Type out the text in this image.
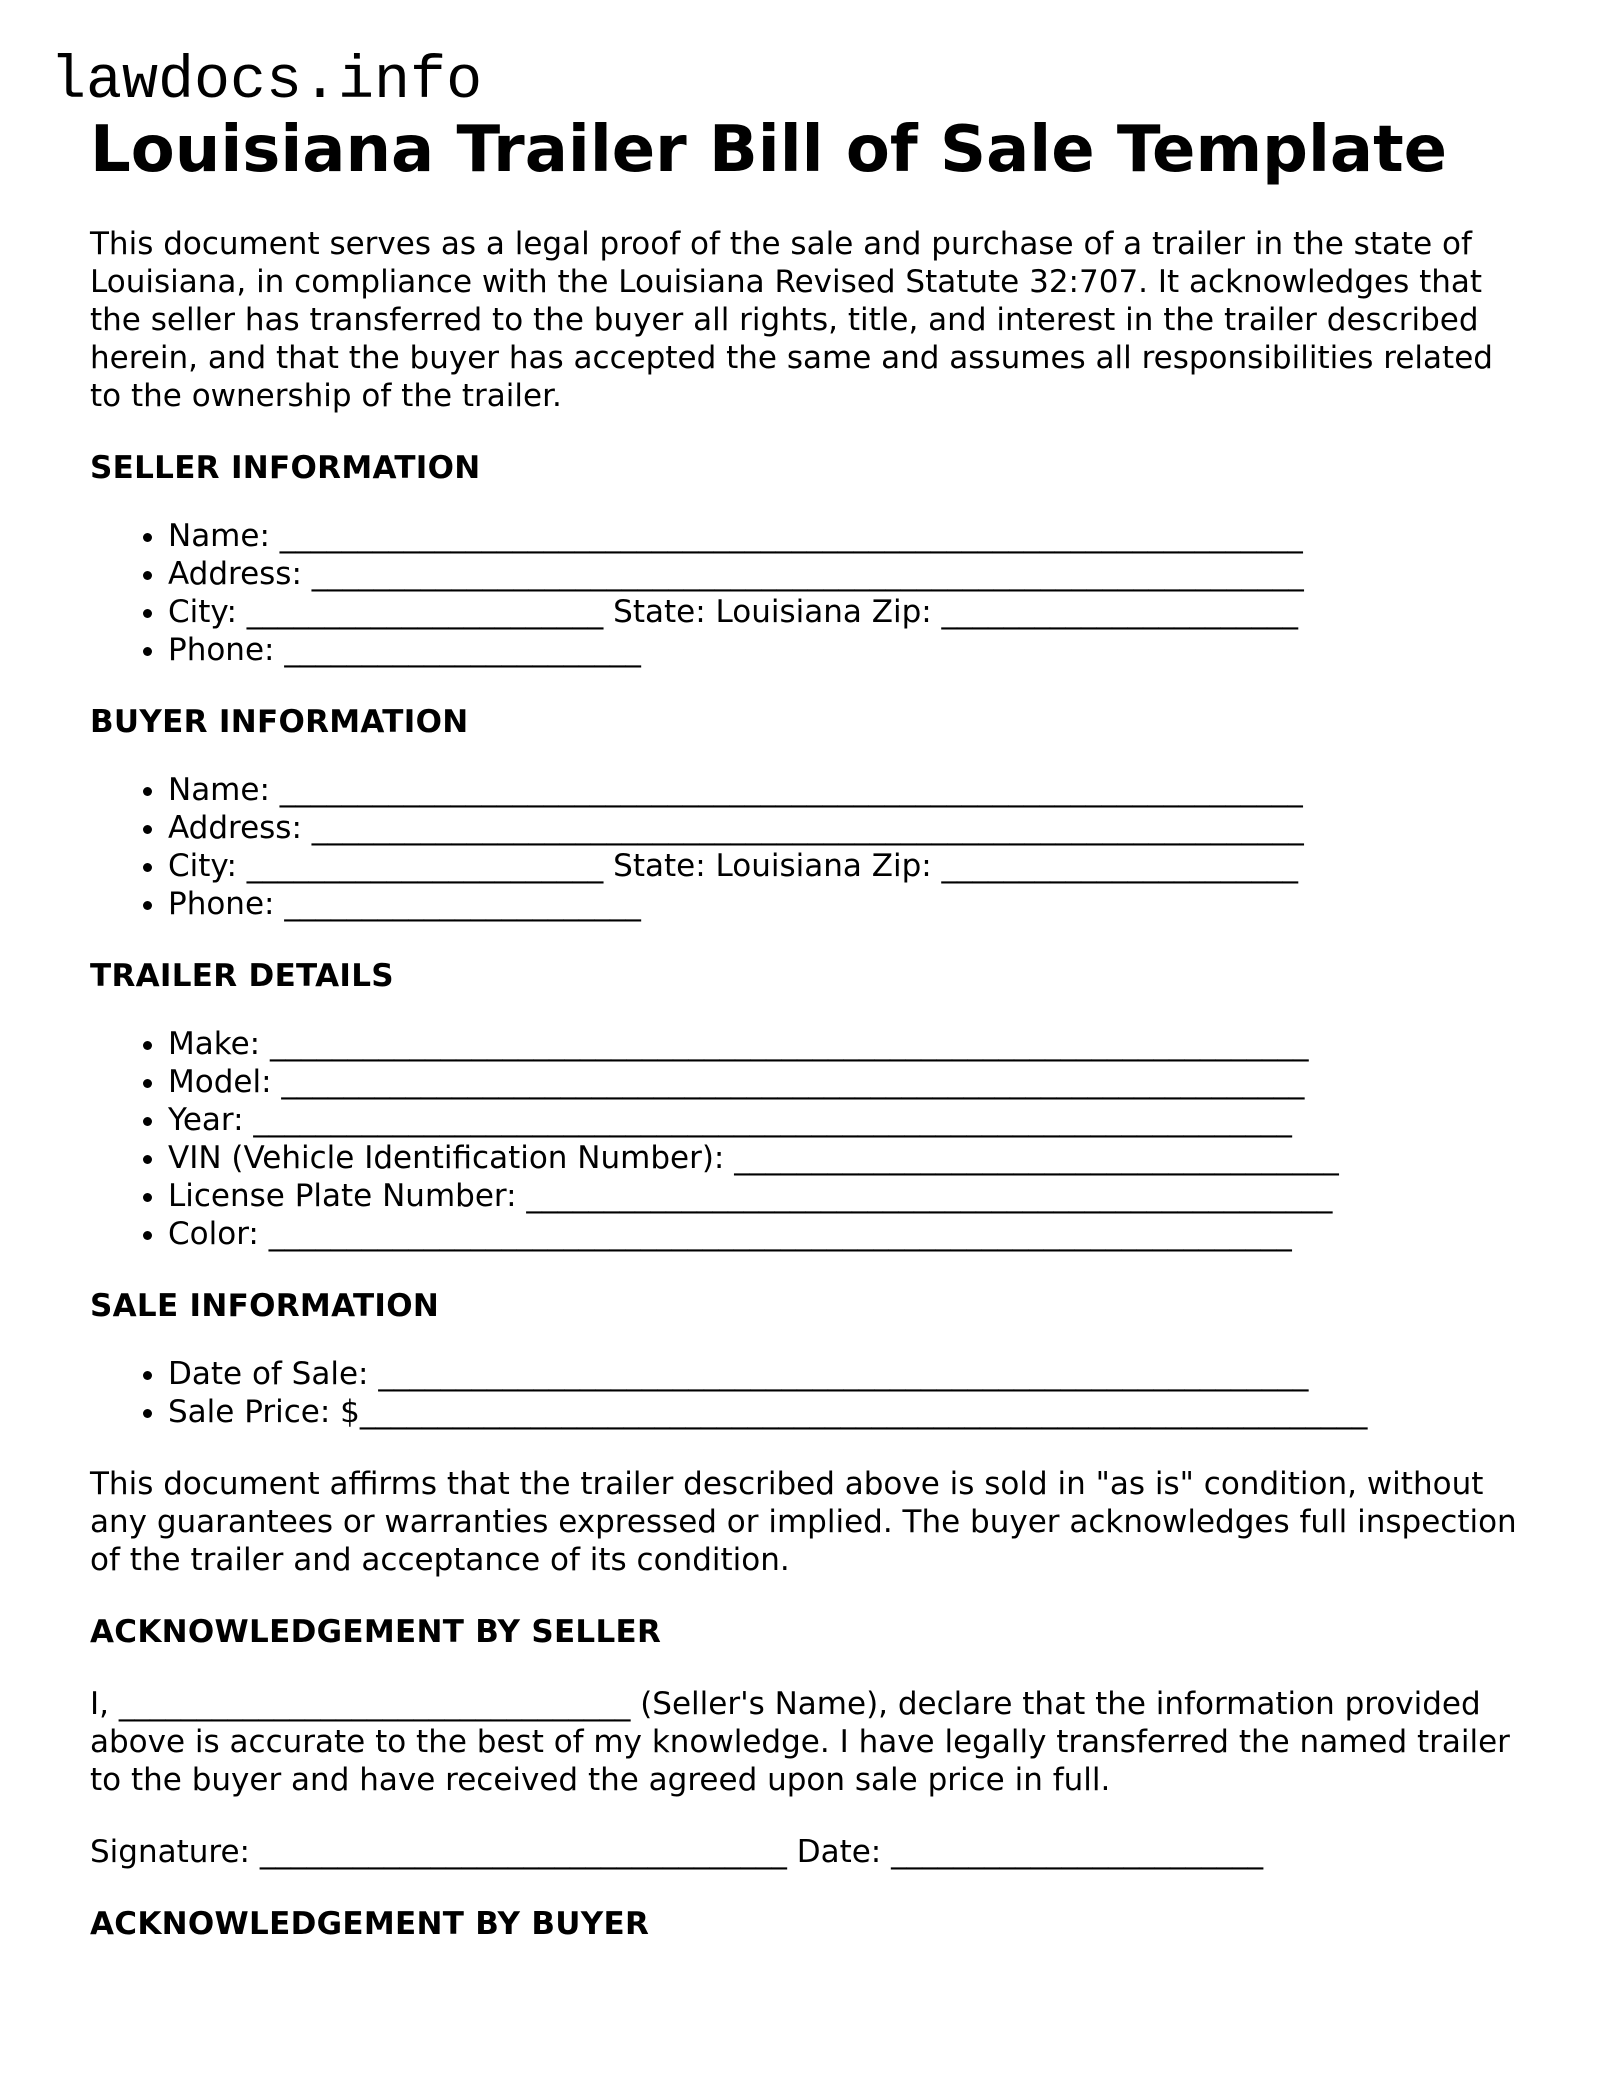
lawdocs.info
Louisiana Trailer Bill of Sale Template

This document serves as a legal proof of the sale and purchase of a trailer in the state of Louisiana, in compliance with the Louisiana Revised Statute 32:707. It acknowledges that the seller has transferred to the buyer all rights, title, and interest in the trailer described herein, and that the buyer has accepted the same and assumes all responsibilities related to the ownership of the trailer.

SELLER INFORMATION
• Name: __________________________________________________________________
• Address: ________________________________________________________________
• City: _______________________ State: Louisiana Zip: _______________________
• Phone: _______________________
BUYER INFORMATION
• Name: __________________________________________________________________
• Address: ________________________________________________________________
• City: _______________________ State: Louisiana Zip: _______________________
• Phone: _______________________
TRAILER DETAILS
• Make: ___________________________________________________________________
• Model: __________________________________________________________________
• Year: ___________________________________________________________________
• VIN (Vehicle Identification Number): _______________________________________
• License Plate Number: ____________________________________________________
• Color: __________________________________________________________________
SALE INFORMATION
• Date of Sale: ____________________________________________________________
• Sale Price: $_________________________________________________________________

This document affirms that the trailer described above is sold in "as is" condition, without any guarantees or warranties expressed or implied. The buyer acknowledges full inspection of the trailer and acceptance of its condition.

ACKNOWLEDGEMENT BY SELLER

I, _________________________________ (Seller's Name), declare that the information provided above is accurate to the best of my knowledge. I have legally transferred the named trailer to the buyer and have received the agreed upon sale price in full.

Signature: __________________________________ Date: ________________________

ACKNOWLEDGEMENT BY BUYER
